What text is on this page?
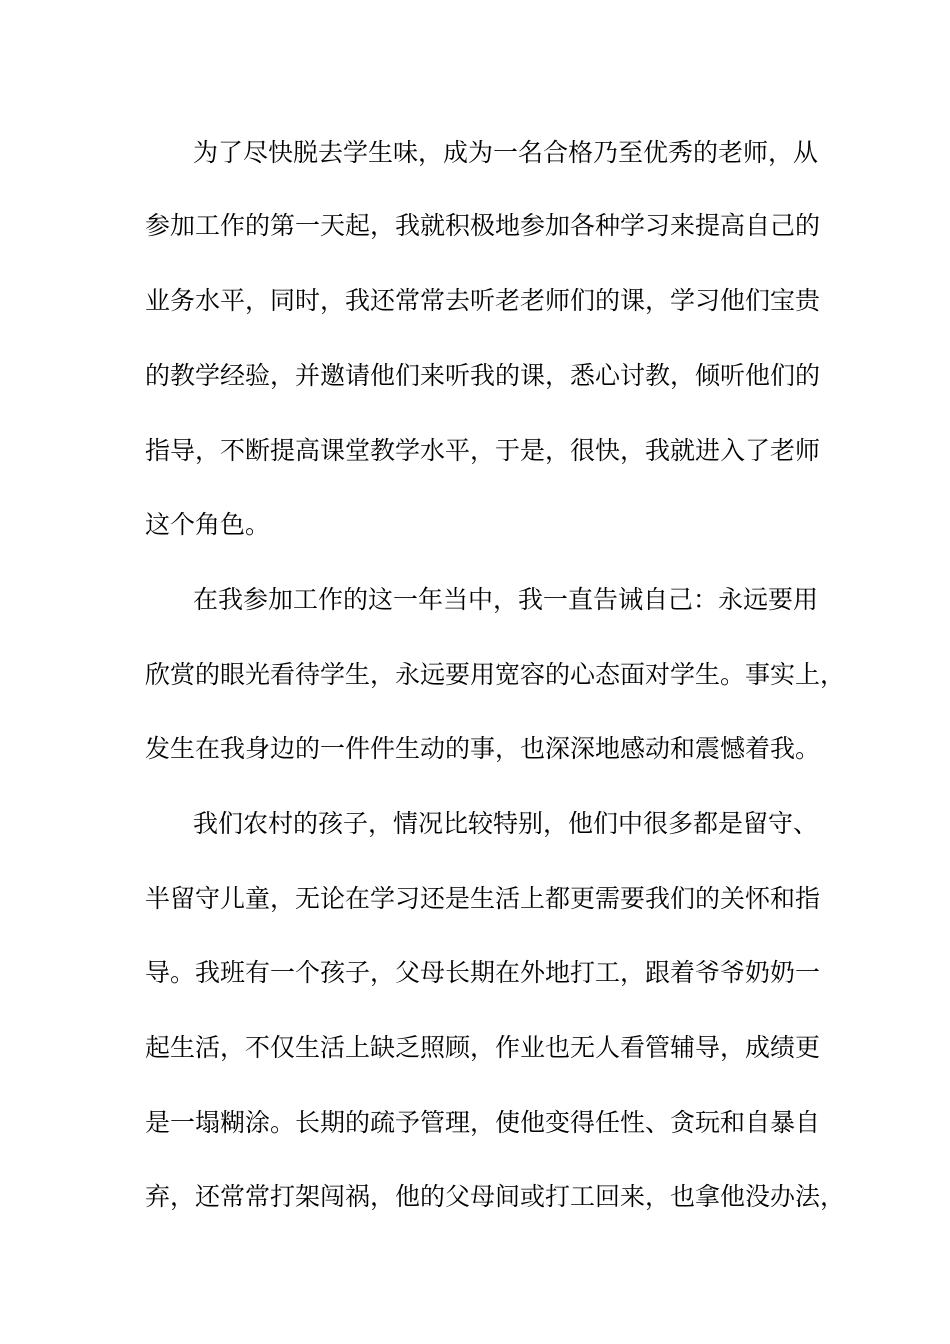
为了尽快脱去学生味，成为一名合格乃至优秀的老师，从
参加工作的第一天起，我就积极地参加各种学习来提高自己的
业务水平，同时，我还常常去听老老师们的课，学习他们宝贵
的教学经验，并邀请他们来听我的课，悉心讨教，倾听他们的
指导，不断提高课堂教学水平，于是，很快，我就进入了老师
这个角色。
在我参加工作的这一年当中，我一直告诫自己：永远要用
欣赏的眼光看待学生，永远要用宽容的心态面对学生。事实上，
发生在我身边的一件件生动的事，也深深地感动和震憾着我。
我们农村的孩子，情况比较特别，他们中很多都是留守、
半留守儿童，无论在学习还是生活上都更需要我们的关怀和指
导。我班有一个孩子，父母长期在外地打工，跟着爷爷奶奶一
起生活，不仅生活上缺乏照顾，作业也无人看管辅导，成绩更
是一塌糊涂。长期的疏予管理，使他变得任性、贪玩和自暴自
弃，还常常打架闯祸，他的父母间或打工回来，也拿他没办法，
